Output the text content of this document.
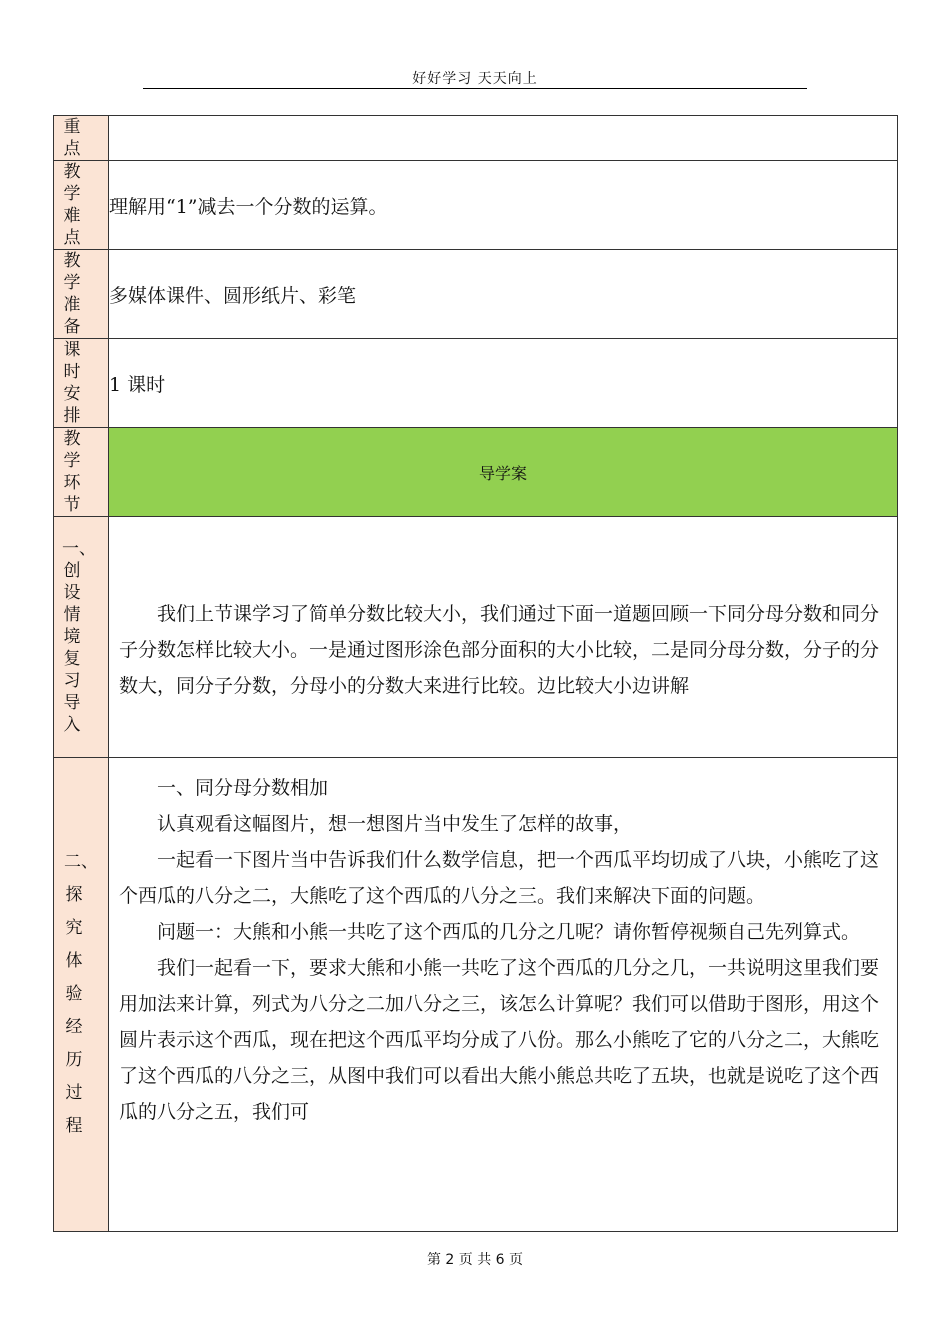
好好学习 天天向上
重点	

教学难点	理解用“1”减去一个分数的运算。

教学准备	多媒体课件、圆形纸片、彩笔

课时安排	1 课时

教学环节	导学案

一、创设情境 复习导入	我们上节课学习了简单分数比较大小，我们通过下面一道题回顾一下同分母分数和同分子分数怎样比较大小。一是通过图形涂色部分面积的大小比较，二是同分母分数，分子的分数大，同分子分数，分母小的分数大来进行比较。边比较大小边讲解

二、探究体验 经历过程	一、同分母分数相加

认真观看这幅图片，想一想图片当中发生了怎样的故事，

一起看一下图片当中告诉我们什么数学信息，把一个西瓜平均切成了八块，小熊吃了这个西瓜的八分之二，大熊吃了这个西瓜的八分之三。我们来解决下面的问题。

问题一：大熊和小熊一共吃了这个西瓜的几分之几呢？请你暂停视频自己先列算式。

我们一起看一下，要求大熊和小熊一共吃了这个西瓜的几分之几，一共说明这里我们要用加法来计算，列式为八分之二加八分之三，该怎么计算呢？我们可以借助于图形，用这个圆片表示这个西瓜，现在把这个西瓜平均分成了八份。那么小熊吃了它的八分之二，大熊吃了这个西瓜的八分之三，从图中我们可以看出大熊小熊总共吃了五块，也就是说吃了这个西瓜的八分之五，我们可

第 2 页 共 6 页
